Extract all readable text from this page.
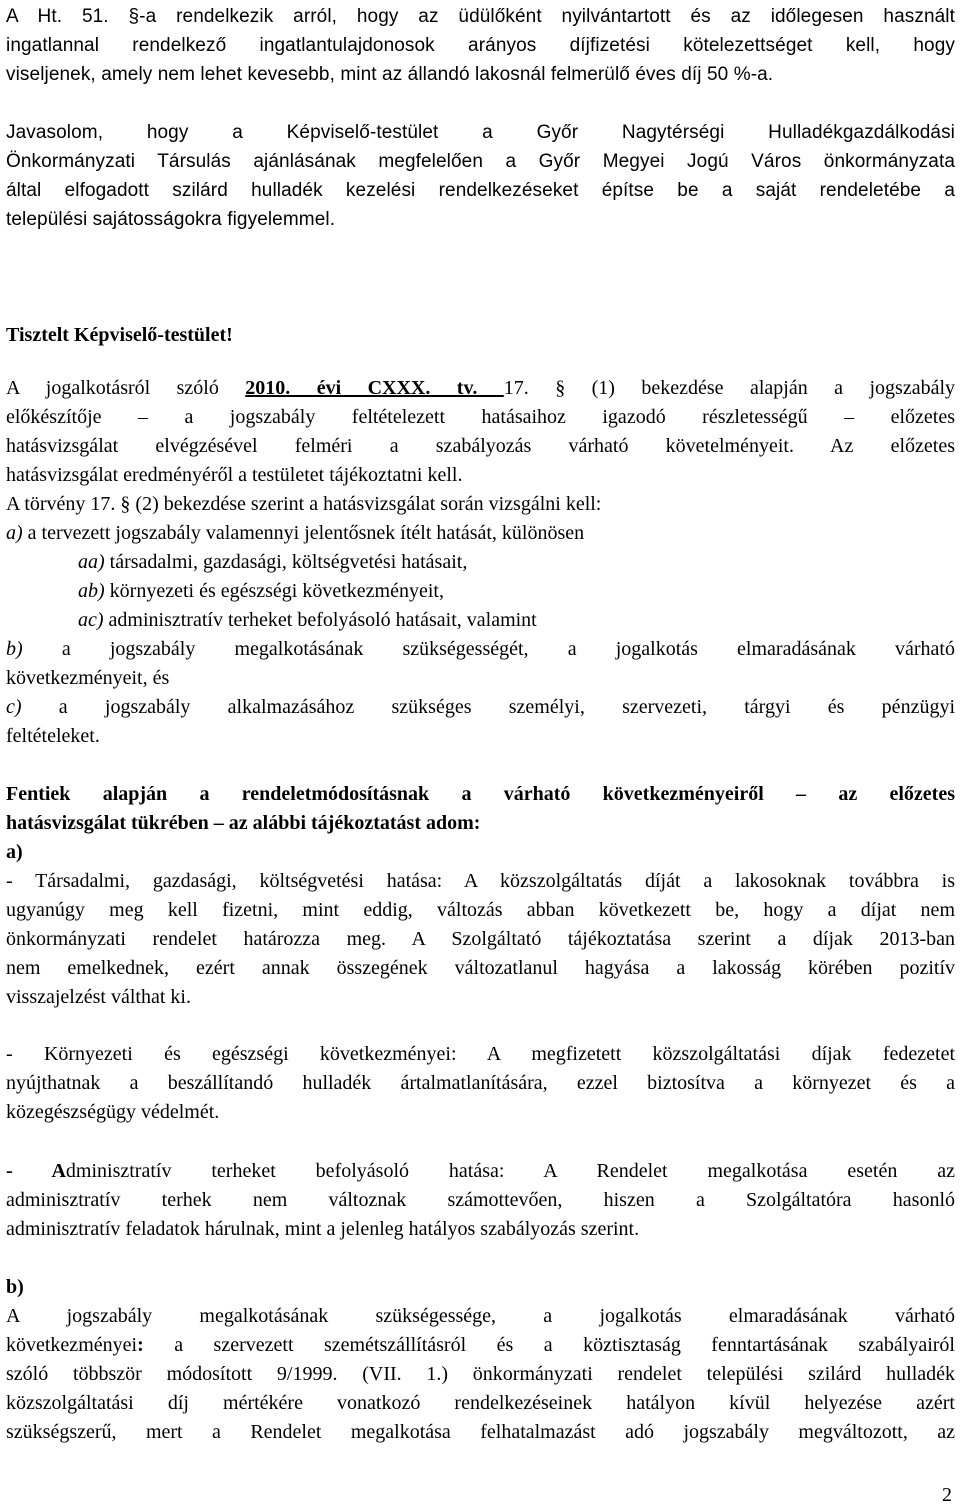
A Ht. 51. §-a rendelkezik arról, hogy az üdülőként nyilvántartott és az időlegesen használt
ingatlannal rendelkező ingatlantulajdonosok arányos díjfizetési kötelezettséget kell, hogy
viseljenek, amely nem lehet kevesebb, mint az állandó lakosnál felmerülő éves díj 50 %-a.
Javasolom, hogy a Képviselő-testület a Győr Nagytérségi Hulladékgazdálkodási
Önkormányzati Társulás ajánlásának megfelelően a Győr Megyei Jogú Város önkormányzata
által elfogadott szilárd hulladék kezelési rendelkezéseket építse be a saját rendeletébe a
települési sajátosságokra figyelemmel.
Tisztelt Képviselő-testület!
A jogalkotásról szóló 2010. évi CXXX. tv. 17. § (1) bekezdése alapján a jogszabály
előkészítője – a jogszabály feltételezett hatásaihoz igazodó részletességű – előzetes
hatásvizsgálat elvégzésével felméri a szabályozás várható követelményeit. Az előzetes
hatásvizsgálat eredményéről a testületet tájékoztatni kell.
A törvény 17. § (2) bekezdése szerint a hatásvizsgálat során vizsgálni kell:
a) a tervezett jogszabály valamennyi jelentősnek ítélt hatását, különösen
aa) társadalmi, gazdasági, költségvetési hatásait,
ab) környezeti és egészségi következményeit,
ac) adminisztratív terheket befolyásoló hatásait, valamint
b) a jogszabály megalkotásának szükségességét, a jogalkotás elmaradásának várható
következményeit, és
c) a jogszabály alkalmazásához szükséges személyi, szervezeti, tárgyi és pénzügyi
feltételeket.
Fentiek alapján a rendeletmódosításnak a várható következményeiről – az előzetes
hatásvizsgálat tükrében – az alábbi tájékoztatást adom:
a)
- Társadalmi, gazdasági, költségvetési hatása: A közszolgáltatás díját a lakosoknak továbbra is
ugyanúgy meg kell fizetni, mint eddig, változás abban következett be, hogy a díjat nem
önkormányzati rendelet határozza meg. A Szolgáltató tájékoztatása szerint a díjak 2013-ban
nem emelkednek, ezért annak összegének változatlanul hagyása a lakosság körében pozitív
visszajelzést válthat ki.
- Környezeti és egészségi következményei: A megfizetett közszolgáltatási díjak fedezetet
nyújthatnak a beszállítandó hulladék ártalmatlanítására, ezzel biztosítva a környezet és a
közegészségügy védelmét.
- Adminisztratív terheket befolyásoló hatása: A Rendelet megalkotása esetén az
adminisztratív terhek nem változnak számottevően, hiszen a Szolgáltatóra hasonló
adminisztratív feladatok hárulnak, mint a jelenleg hatályos szabályozás szerint.
b)
A jogszabály megalkotásának szükségessége, a jogalkotás elmaradásának várható
következményei: a szervezett szemétszállításról és a köztisztaság fenntartásának szabályairól
szóló többször módosított 9/1999. (VII. 1.) önkormányzati rendelet települési szilárd hulladék
közszolgáltatási díj mértékére vonatkozó rendelkezéseinek hatályon kívül helyezése azért
szükségszerű, mert a Rendelet megalkotása felhatalmazást adó jogszabály megváltozott, az
2
